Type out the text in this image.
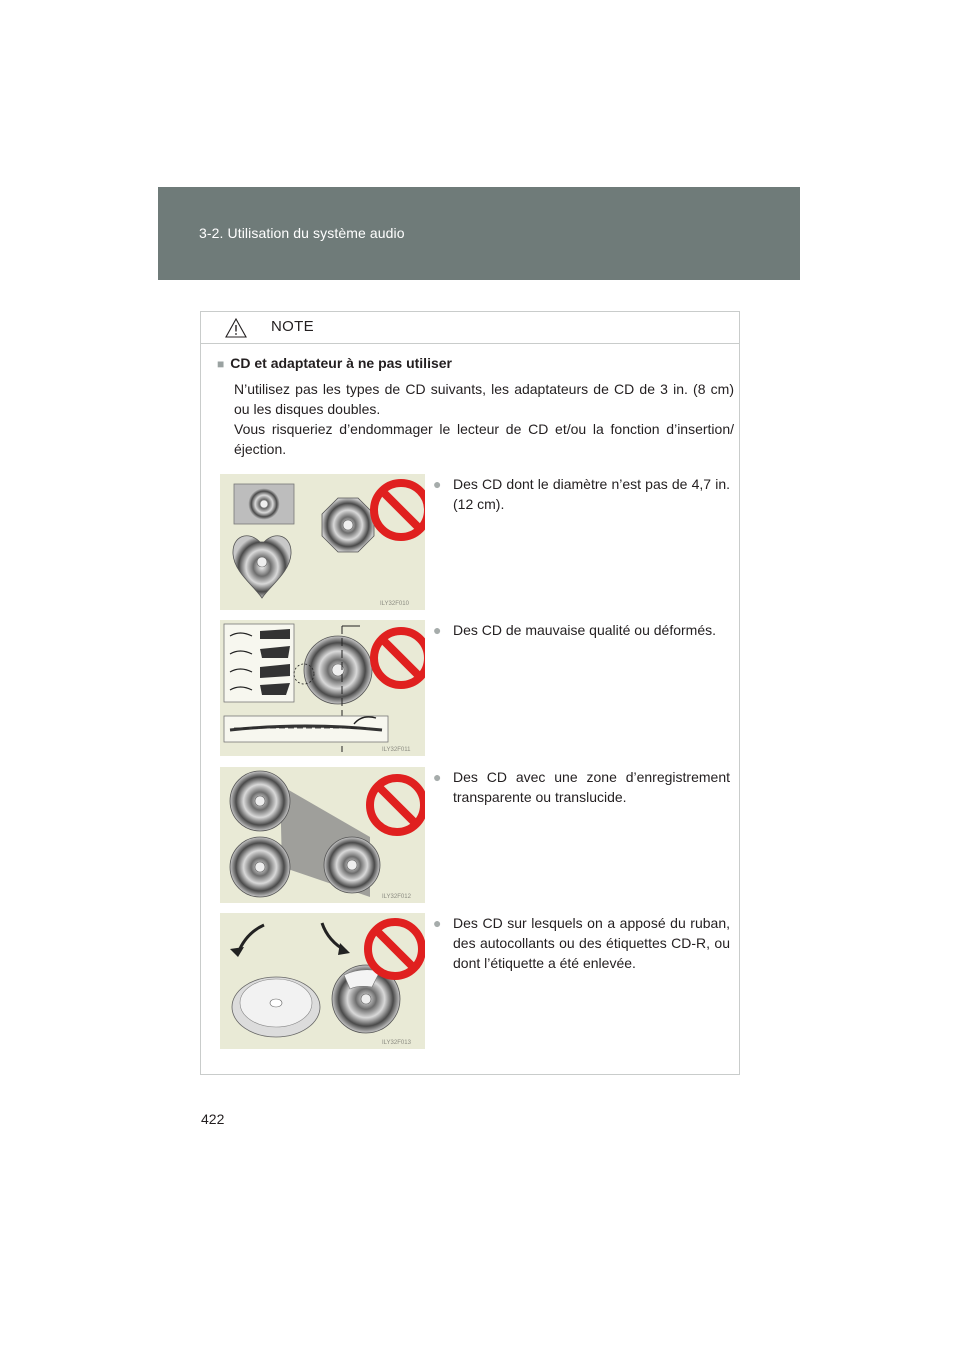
3-2. Utilisation du système audio
NOTE
■ CD et adaptateur à ne pas utiliser

N’utilisez pas les types de CD suivants, les adaptateurs de CD de 3 in. (8 cm) ou les disques doubles.

Vous risqueriez d’endommager le lecteur de CD et/ou la fonction d’insertion/éjection.

ILY32F010
● Des CD dont le diamètre n’est pas de 4,7 in. (12 cm).
ILY32F011
● Des CD de mauvaise qualité ou déformés.
ILY32F012
● Des CD avec une zone d’enregistrement transparente ou translucide.
ILY32F013
● Des CD sur lesquels on a apposé du ruban, des autocollants ou des étiquettes CD-R, ou dont l’étiquette a été enlevée.
422
